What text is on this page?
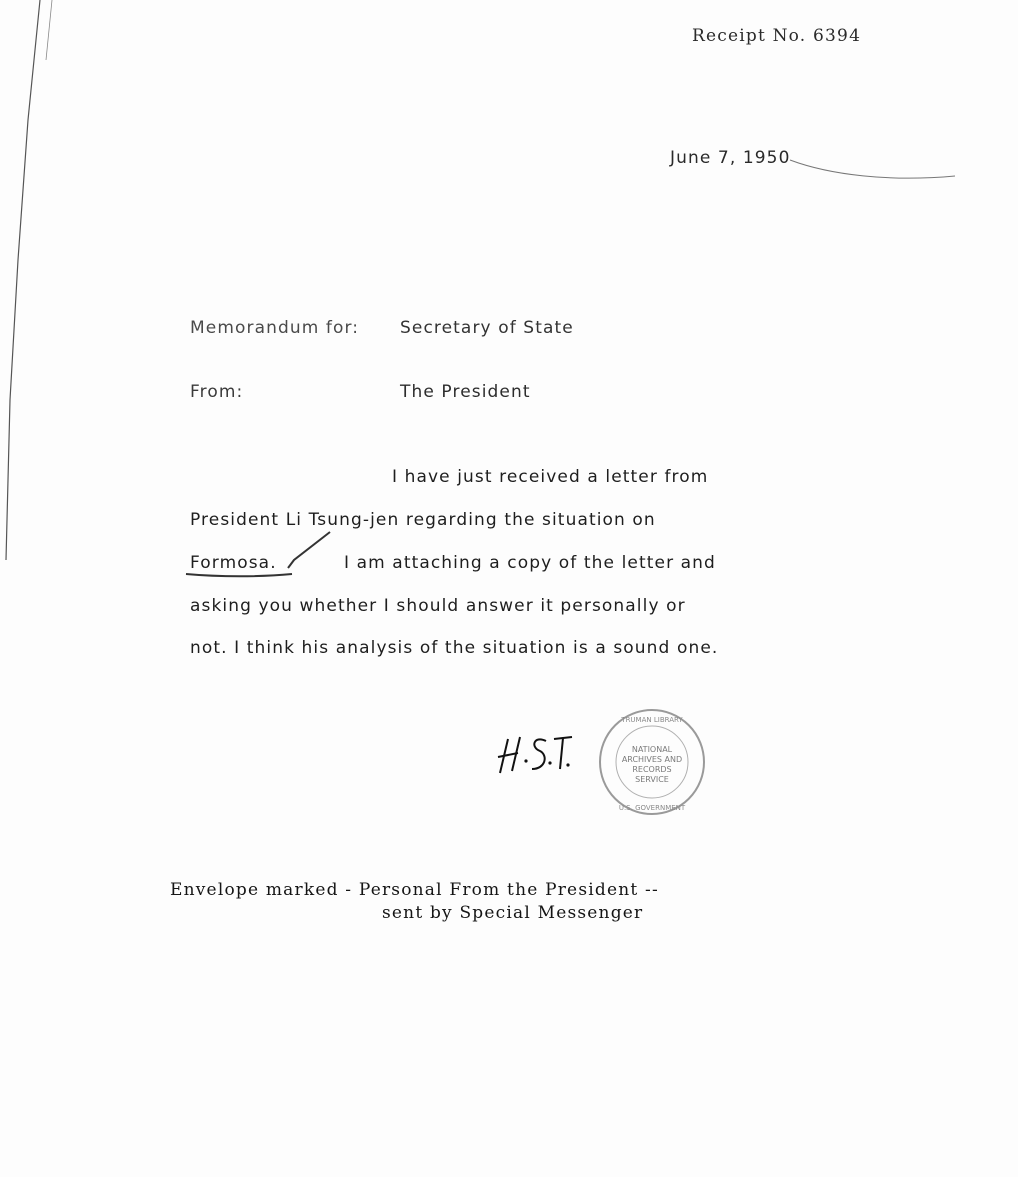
Receipt No. 6394

June 7, 1950

Memorandum for: Secretary of State

From:	The President

I have just received a letter from

President Li Tsung-jen regarding the situation on

Formosa.	I am attaching a copy of the letter and

asking you whether I should answer it personally or

not. I think his analysis of the situation is a sound one.

NATIONAL
ARCHIVES AND
RECORDS
SERVICE
TRUMAN LIBRARY
U.S. GOVERNMENT

Envelope marked - Personal From the President --

sent by Special Messenger
